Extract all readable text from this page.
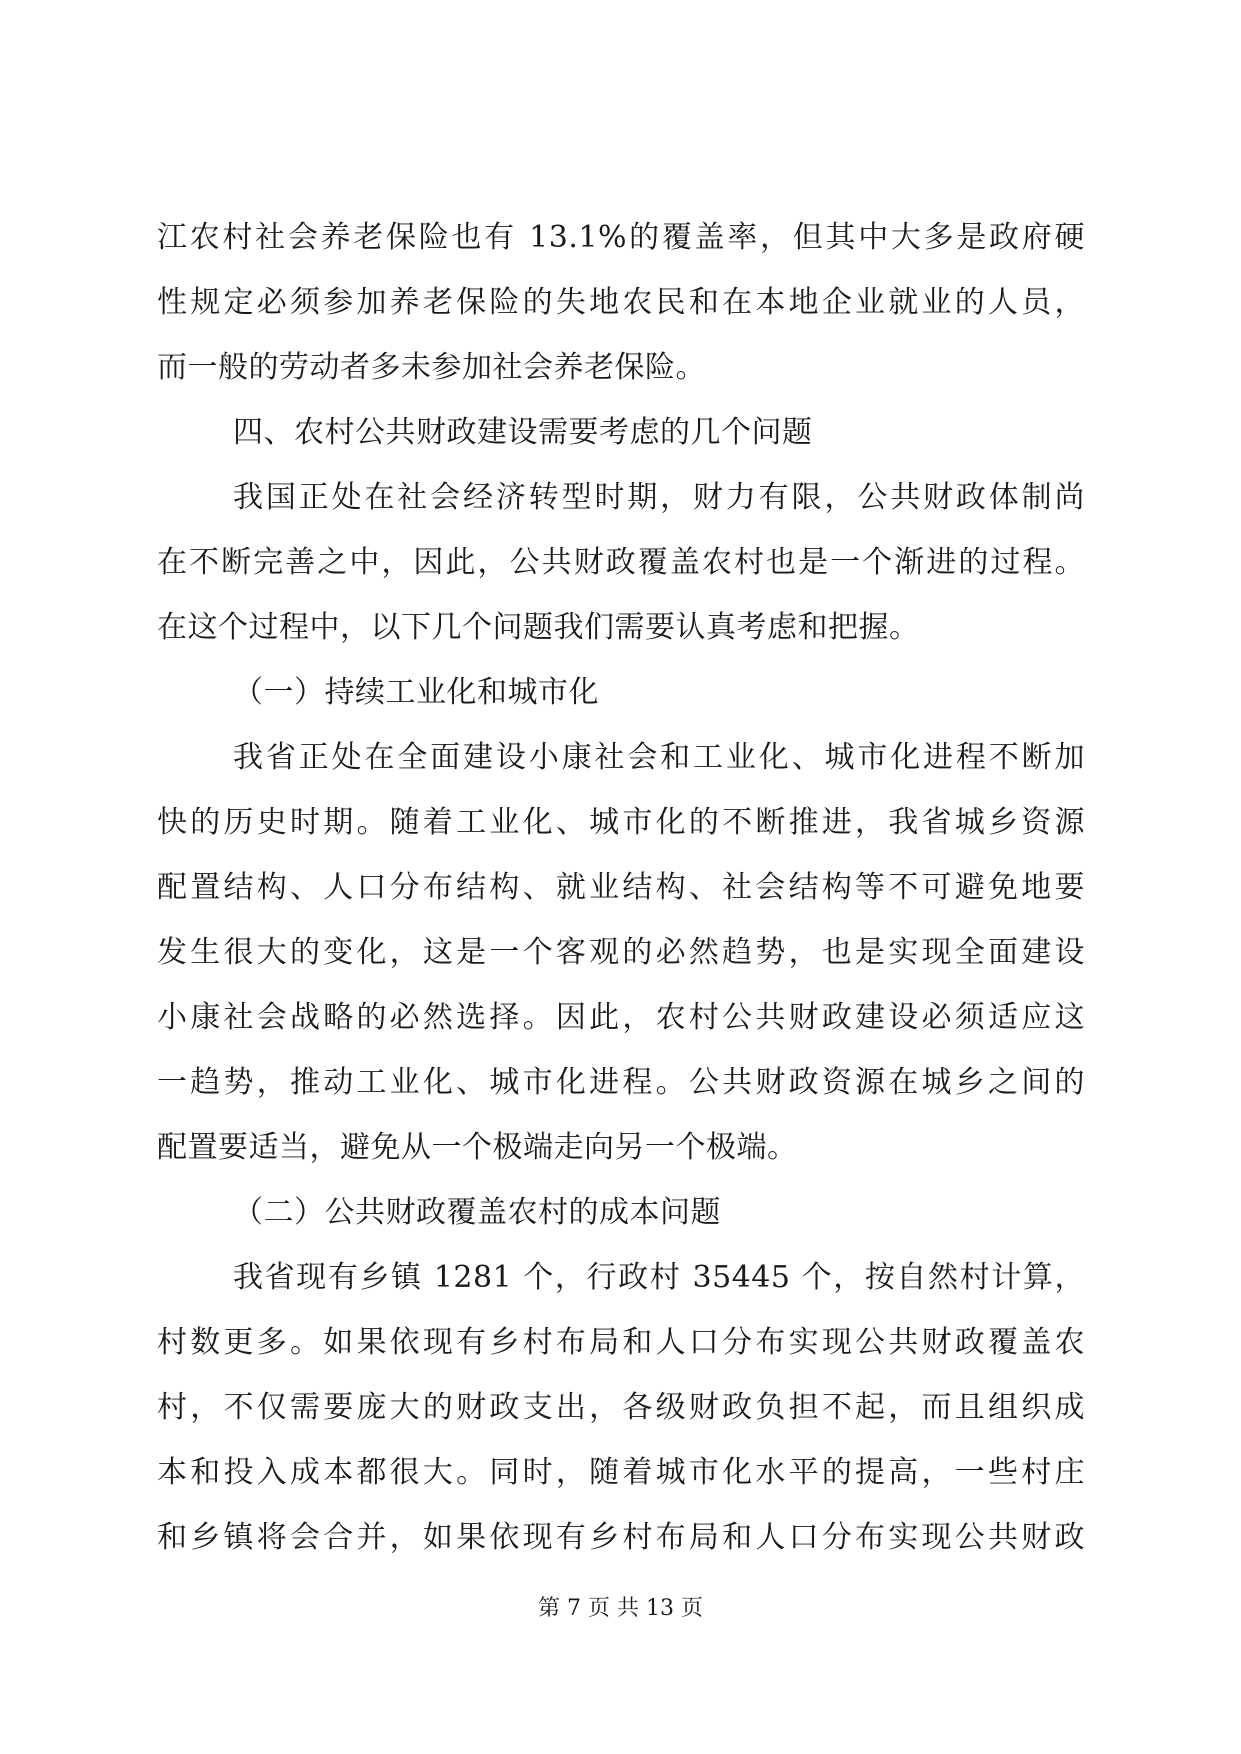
江农村社会养老保险也有 13.1%的覆盖率，但其中大多是政府硬
性规定必须参加养老保险的失地农民和在本地企业就业的人员，
而一般的劳动者多未参加社会养老保险。
四、农村公共财政建设需要考虑的几个问题
我国正处在社会经济转型时期，财力有限，公共财政体制尚
在不断完善之中，因此，公共财政覆盖农村也是一个渐进的过程。
在这个过程中，以下几个问题我们需要认真考虑和把握。
（一）持续工业化和城市化
我省正处在全面建设小康社会和工业化、城市化进程不断加
快的历史时期。随着工业化、城市化的不断推进，我省城乡资源
配置结构、人口分布结构、就业结构、社会结构等不可避免地要
发生很大的变化，这是一个客观的必然趋势，也是实现全面建设
小康社会战略的必然选择。因此，农村公共财政建设必须适应这
一趋势，推动工业化、城市化进程。公共财政资源在城乡之间的
配置要适当，避免从一个极端走向另一个极端。
（二）公共财政覆盖农村的成本问题
我省现有乡镇 1281 个，行政村 35445 个，按自然村计算，
村数更多。如果依现有乡村布局和人口分布实现公共财政覆盖农
村，不仅需要庞大的财政支出，各级财政负担不起，而且组织成
本和投入成本都很大。同时，随着城市化水平的提高，一些村庄
和乡镇将会合并，如果依现有乡村布局和人口分布实现公共财政
第 7 页 共 13 页
